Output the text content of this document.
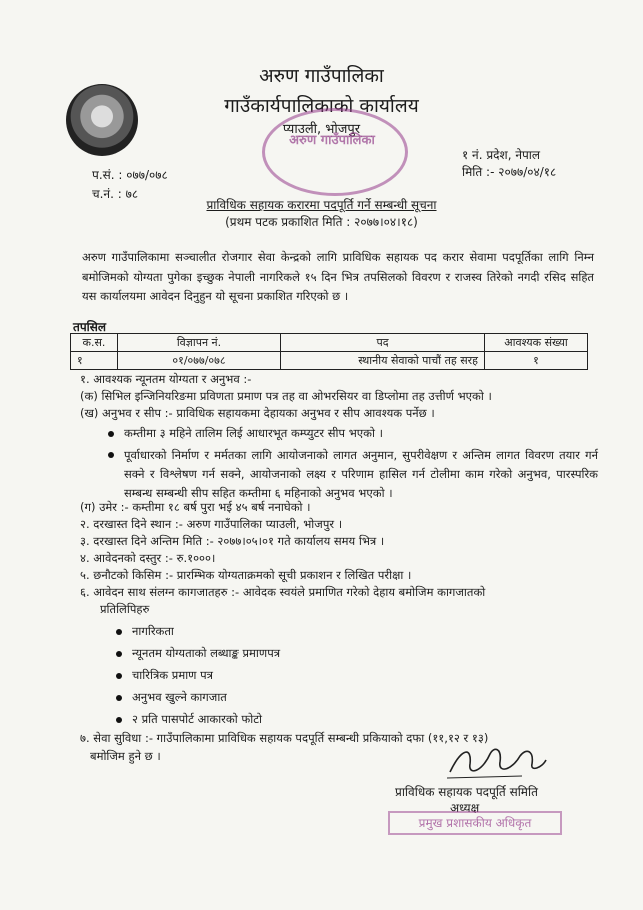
अरुण गाउँपालिका
गाउँकार्यपालिकाको कार्यालय
प्याउली, भोजपुर
अरुण गाउँपालिका
प.सं. : ०७७/०७८
च.नं. : ७८
१ नं. प्रदेश, नेपाल
मिति :- २०७७/०४/१८
प्राविधिक सहायक करारमा पदपूर्ति गर्ने सम्बन्धी सूचना
(प्रथम पटक प्रकाशित मिति : २०७७।०४।१८)
अरुण गाउँपालिकामा सञ्चालीत रोजगार सेवा केन्द्रको लागि प्राविधिक सहायक पद करार सेवामा पदपूर्तिका लागि निम्न बमोजिमको योग्यता पुगेका इच्छुक नेपाली नागरिकले १५ दिन भित्र तपसिलको विवरण र राजस्व तिरेको नगदी रसिद सहित यस कार्यालयमा आवेदन दिनुहुन यो सूचना प्रकाशित गरिएको छ ।
तपसिल
क.स.	विज्ञापन नं.	पद	आवश्यक संख्या
१	०१/०७७/०७८	स्थानीय सेवाको पाचौं तह सरह	१
१. आवश्यक न्यूनतम योग्यता र अनुभव :-
(क) सिभिल इन्जिनियरिङमा प्रविणता प्रमाण पत्र तह वा ओभरसियर वा डिप्लोमा तह उत्तीर्ण भएको ।
(ख) अनुभव र सीप :- प्राविधिक सहायकमा देहायका अनुभव र सीप आवश्यक पर्नेछ ।
कम्तीमा ३ महिने तालिम लिई आधारभूत कम्प्युटर सीप भएको ।
पूर्वाधारको निर्माण र मर्मतका लागि आयोजनाको लागत अनुमान, सुपरीवेक्षण र अन्तिम लागत विवरण तयार गर्न सक्ने र विश्लेषण गर्न सक्ने, आयोजनाको लक्ष्य र परिणाम हासिल गर्न टोलीमा काम गरेको अनुभव, पारस्परिक सम्बन्ध सम्बन्धी सीप सहित कम्तीमा ६ महिनाको अनुभव भएको ।
(ग) उमेर :- कम्तीमा १८ बर्ष पुरा भई ४५ बर्ष ननाघेको ।
२. दरखास्त दिने स्थान :- अरुण गाउँपालिका प्याउली, भोजपुर ।
३. दरखास्त दिने अन्तिम मिति :- २०७७।०५।०१ गते कार्यालय समय भित्र ।
४. आवेदनको दस्तुर :- रु.१०००।
५. छनौटको किसिम :- प्रारम्भिक योग्यताक्रमको सूची प्रकाशन र लिखित परीक्षा ।
६. आवेदन साथ संलग्न कागजातहरु :- आवेदक स्वयंले प्रमाणित गरेको देहाय बमोजिम कागजातको
प्रतिलिपिहरु
नागरिकता
न्यूनतम योग्यताको लब्धाङ्क प्रमाणपत्र
चारित्रिक प्रमाण पत्र
अनुभव खुल्ने कागजात
२ प्रति पासपोर्ट आकारको फोटो
७. सेवा सुविधा :- गाउँपालिकामा प्राविधिक सहायक पदपूर्ति सम्बन्धी प्रकियाको दफा (११,१२ र १३)
बमोजिम हुने छ ।
प्राविधिक सहायक पदपूर्ति समिति
अध्यक्ष
प्रमुख प्रशासकीय अधिकृत
